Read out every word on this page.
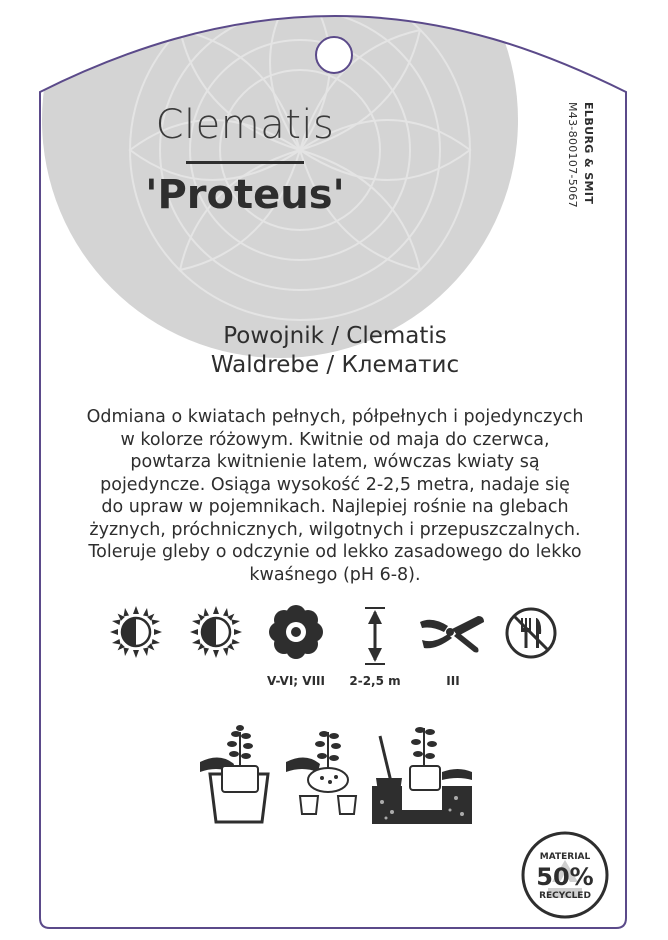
Clematis

'Proteus'	ELBURG & SMIT
M43-800107-5067

Powojnik / Clematis

Waldrebe / Клематис

Odmiana o kwiatach pełnych, półpełnych i pojedynczych
w kolorze różowym. Kwitnie od maja do czerwca,
powtarza kwitnienie latem, wówczas kwiaty są
pojedyncze. Osiąga wysokość 2-2,5 metra, nadaje się
do upraw w pojemnikach. Najlepiej rośnie na glebach
żyznych, próchnicznych, wilgotnych i przepuszczalnych.
Toleruje gleby o odczynie od lekko zasadowego do lekko
kwaśnego (pH 6-8).
V-VI; VIII	2-2,5 m	III
MATERIAL
50%
RECYCLED
